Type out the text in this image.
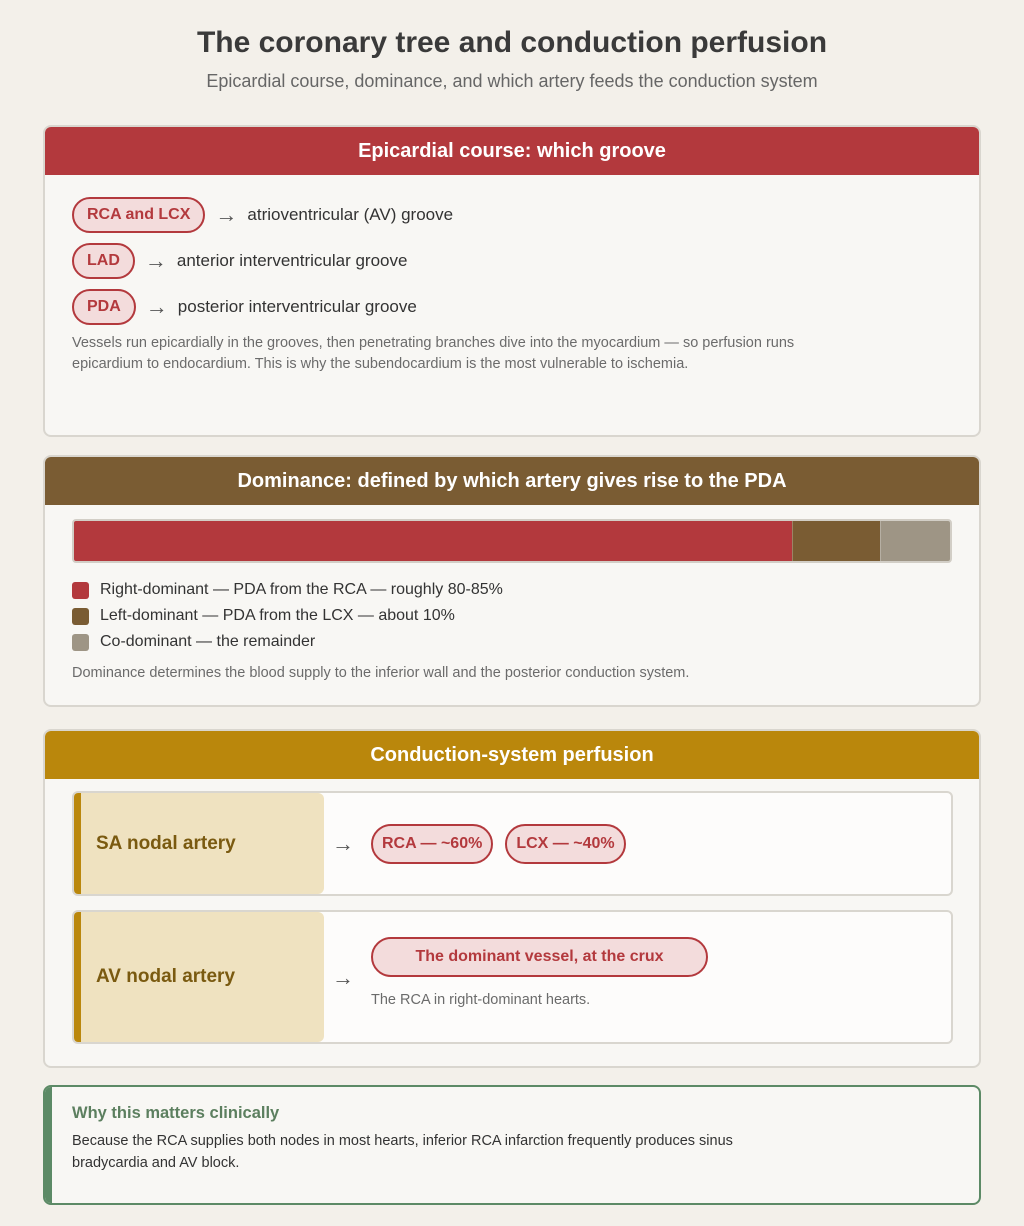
The coronary tree and conduction perfusion
Epicardial course, dominance, and which artery feeds the conduction system
Epicardial course: which groove
RCA and LCX	→ atrioventricular (AV) groove
LAD	→ anterior interventricular groove
PDA	→ posterior interventricular groove
Vessels run epicardially in the grooves, then penetrating branches dive into the myocardium — so perfusion runs epicardium to endocardium. This is why the subendocardium is the most vulnerable to ischemia.
Dominance: defined by which artery gives rise to the PDA
Right-dominant — PDA from the RCA — roughly 80-85%
Left-dominant — PDA from the LCX — about 10%
Co-dominant — the remainder
Dominance determines the blood supply to the inferior wall and the posterior conduction system.
Conduction-system perfusion
SA nodal artery	→	RCA — ~60%	LCX — ~40%
AV nodal artery	→
The dominant vessel, at the crux
The RCA in right-dominant hearts.
Why this matters clinically
Because the RCA supplies both nodes in most hearts, inferior RCA infarction frequently produces sinus bradycardia and AV block.
